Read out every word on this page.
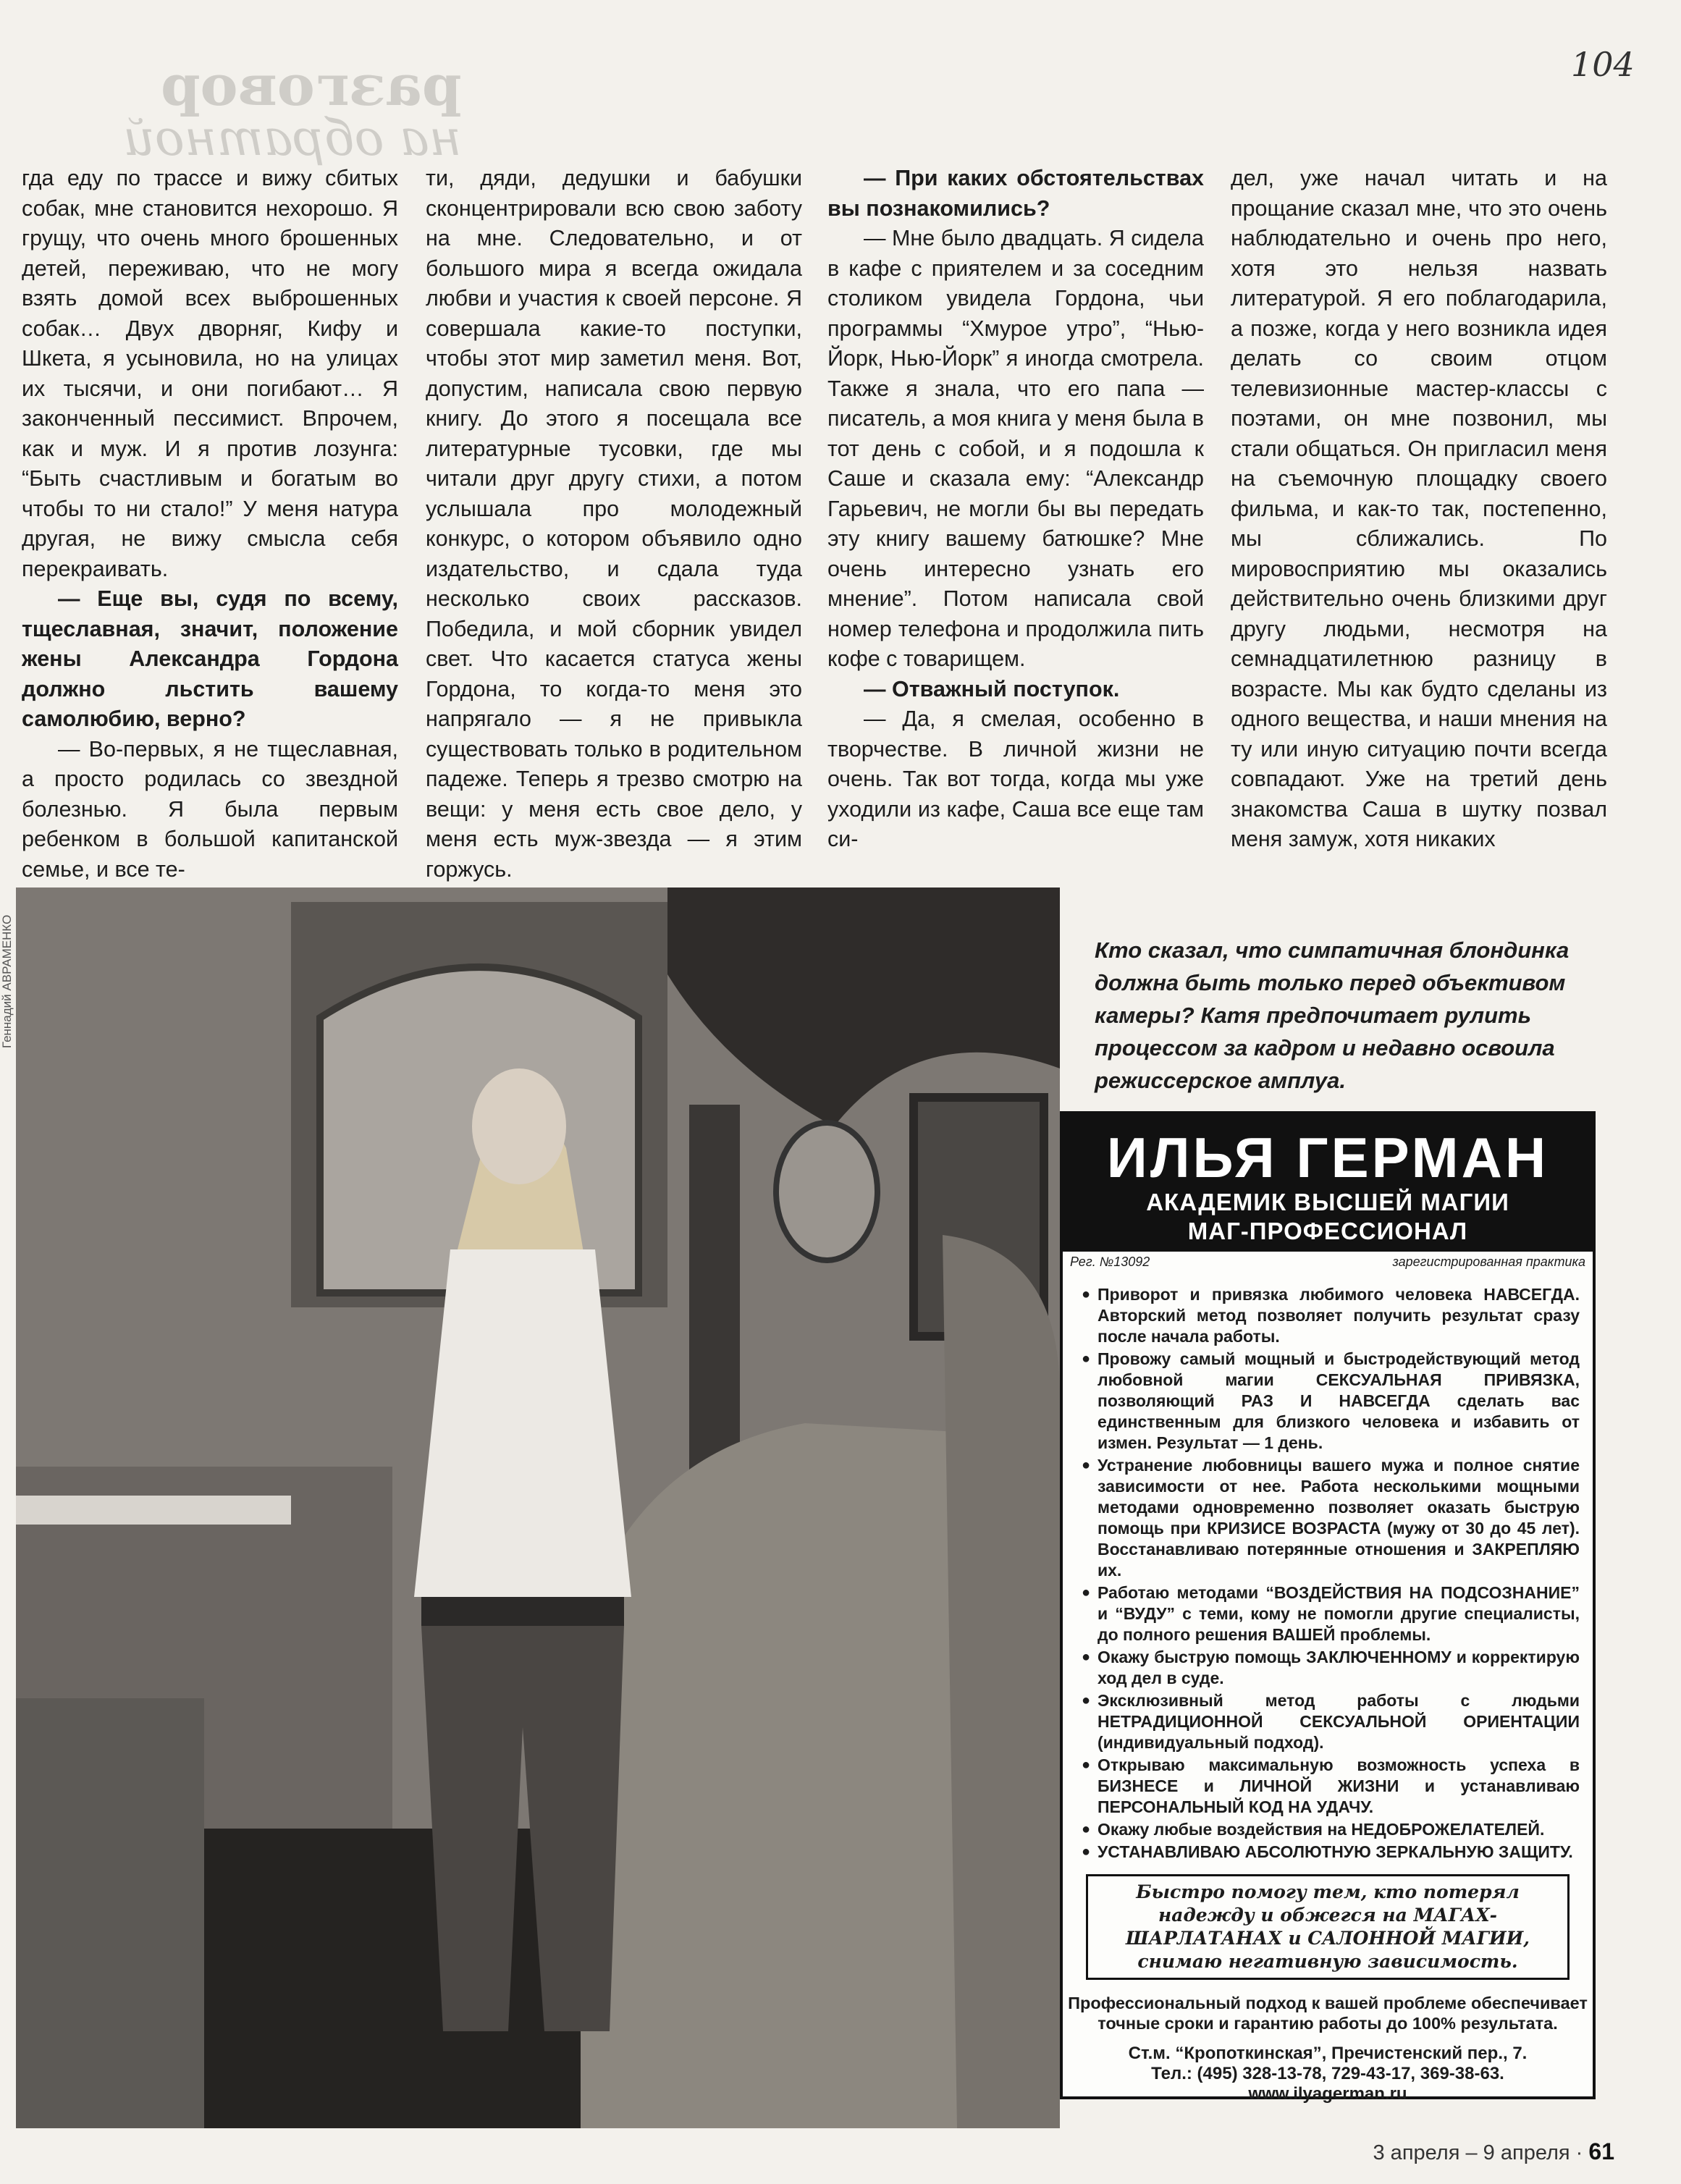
104
разговор
на обратной

гда еду по трассе и вижу сбитых собак, мне становится нехорошо. Я грущу, что очень много брошенных детей, переживаю, что не могу взять домой всех выброшенных собак… Двух дворняг, Кифу и Шкета, я усыновила, но на улицах их тысячи, и они погибают… Я законченный пессимист. Впрочем, как и муж. И я против лозунга: “Быть счастливым и богатым во чтобы то ни стало!” У меня натура другая, не вижу смысла себя перекраивать.

— Еще вы, судя по всему, тщеславная, значит, положение жены Александра Гордона должно льстить вашему самолюбию, верно?

— Во-первых, я не тщеславная, а просто родилась со звездной болезнью. Я была первым ребенком в большой капитанской семье, и все те-

ти, дяди, дедушки и бабушки сконцентрировали всю свою заботу на мне. Следовательно, и от большого мира я всегда ожидала любви и участия к своей персоне. Я совершала какие-то поступки, чтобы этот мир заметил меня. Вот, допустим, написала свою первую книгу. До этого я посещала все литературные тусовки, где мы читали друг другу стихи, а потом услышала про молодежный конкурс, о котором объявило одно издательство, и сдала туда несколько своих рассказов. Победила, и мой сборник увидел свет. Что касается статуса жены Гордона, то когда-то меня это напрягало — я не привыкла существовать только в родительном падеже. Теперь я трезво смотрю на вещи: у меня есть свое дело, у меня есть муж-звезда — я этим горжусь.

— При каких обстоятельствах вы познакомились?

— Мне было двадцать. Я сидела в кафе с приятелем и за соседним столиком увидела Гордона, чьи программы “Хмурое утро”, “Нью-Йорк, Нью-Йорк” я иногда смотрела. Также я знала, что его папа — писатель, а моя книга у меня была в тот день с собой, и я подошла к Саше и сказала ему: “Александр Гарьевич, не могли бы вы передать эту книгу вашему батюшке? Мне очень интересно узнать его мнение”. Потом написала свой номер телефона и продолжила пить кофе с товарищем.

— Отважный поступок.

— Да, я смелая, особенно в творчестве. В личной жизни не очень. Так вот тогда, когда мы уже уходили из кафе, Саша все еще там си-

дел, уже начал читать и на прощание сказал мне, что это очень наблюдательно и очень про него, хотя это нельзя назвать литературой. Я его поблагодарила, а позже, когда у него возникла идея делать со своим отцом телевизионные мастер-классы с поэтами, он мне позвонил, мы стали общаться. Он пригласил меня на съемочную площадку своего фильма, и как-то так, постепенно, мы сближались. По мировосприятию мы оказались действительно очень близкими друг другу людьми, несмотря на семнадцатилетнюю разницу в возрасте. Мы как будто сделаны из одного вещества, и наши мнения на ту или иную ситуацию почти всегда совпадают. Уже на третий день знакомства Саша в шутку позвал меня замуж, хотя никаких

Геннадий АВРАМЕНКО	Кто сказал, что симпатичная блондинка должна быть только перед объективом камеры? Катя предпочитает рулить процессом за кадром и недавно освоила режиссерское амплуа.
ИЛЬЯ ГЕРМАН
АКАДЕМИК ВЫСШЕЙ МАГИИ
МАГ-ПРОФЕССИОНАЛ
Рег. №13092	зарегистрированная практика
● Приворот и привязка любимого человека НАВСЕГДА. Авторский метод позволяет получить результат сразу после начала работы.
● Провожу самый мощный и быстродействующий метод любовной магии СЕКСУАЛЬНАЯ ПРИВЯЗКА, позволяющий РАЗ И НАВСЕГДА сделать вас единственным для близкого человека и избавить от измен. Результат — 1 день.
● Устранение любовницы вашего мужа и полное снятие зависимости от нее. Работа несколькими мощными методами одновременно позволяет оказать быструю помощь при КРИЗИСЕ ВОЗРАСТА (мужу от 30 до 45 лет). Восстанавливаю потерянные отношения и ЗАКРЕПЛЯЮ их.
● Работаю методами “ВОЗДЕЙСТВИЯ НА ПОДСОЗНАНИЕ” и “ВУДУ” с теми, кому не помогли другие специалисты, до полного решения ВАШЕЙ проблемы.
● Окажу быструю помощь ЗАКЛЮЧЕННОМУ и корректирую ход дел в суде.
● Эксклюзивный метод работы с людьми НЕТРАДИЦИОННОЙ СЕКСУАЛЬНОЙ ОРИЕНТАЦИИ (индивидуальный подход).
● Открываю максимальную возможность успеха в БИЗНЕСЕ и ЛИЧНОЙ ЖИЗНИ и устанавливаю ПЕРСОНАЛЬНЫЙ КОД НА УДАЧУ.
● Окажу любые воздействия на НЕДОБРОЖЕЛАТЕЛЕЙ.
● УСТАНАВЛИВАЮ АБСОЛЮТНУЮ ЗЕРКАЛЬНУЮ ЗАЩИТУ.
Быстро помогу тем, кто потерял надежду и обжегся на МАГАХ-ШАРЛАТАНАХ и САЛОННОЙ МАГИИ, снимаю негативную зависимость.
Профессиональный подход к вашей проблеме обеспечивает точные сроки и гарантию работы до 100% результата.
Ст.м. “Кропоткинская”, Пречистенский пер., 7.
Тел.: (495) 328-13-78, 729-43-17, 369-38-63.
www.ilyagerman.ru
3 апреля – 9 апреля · 61
